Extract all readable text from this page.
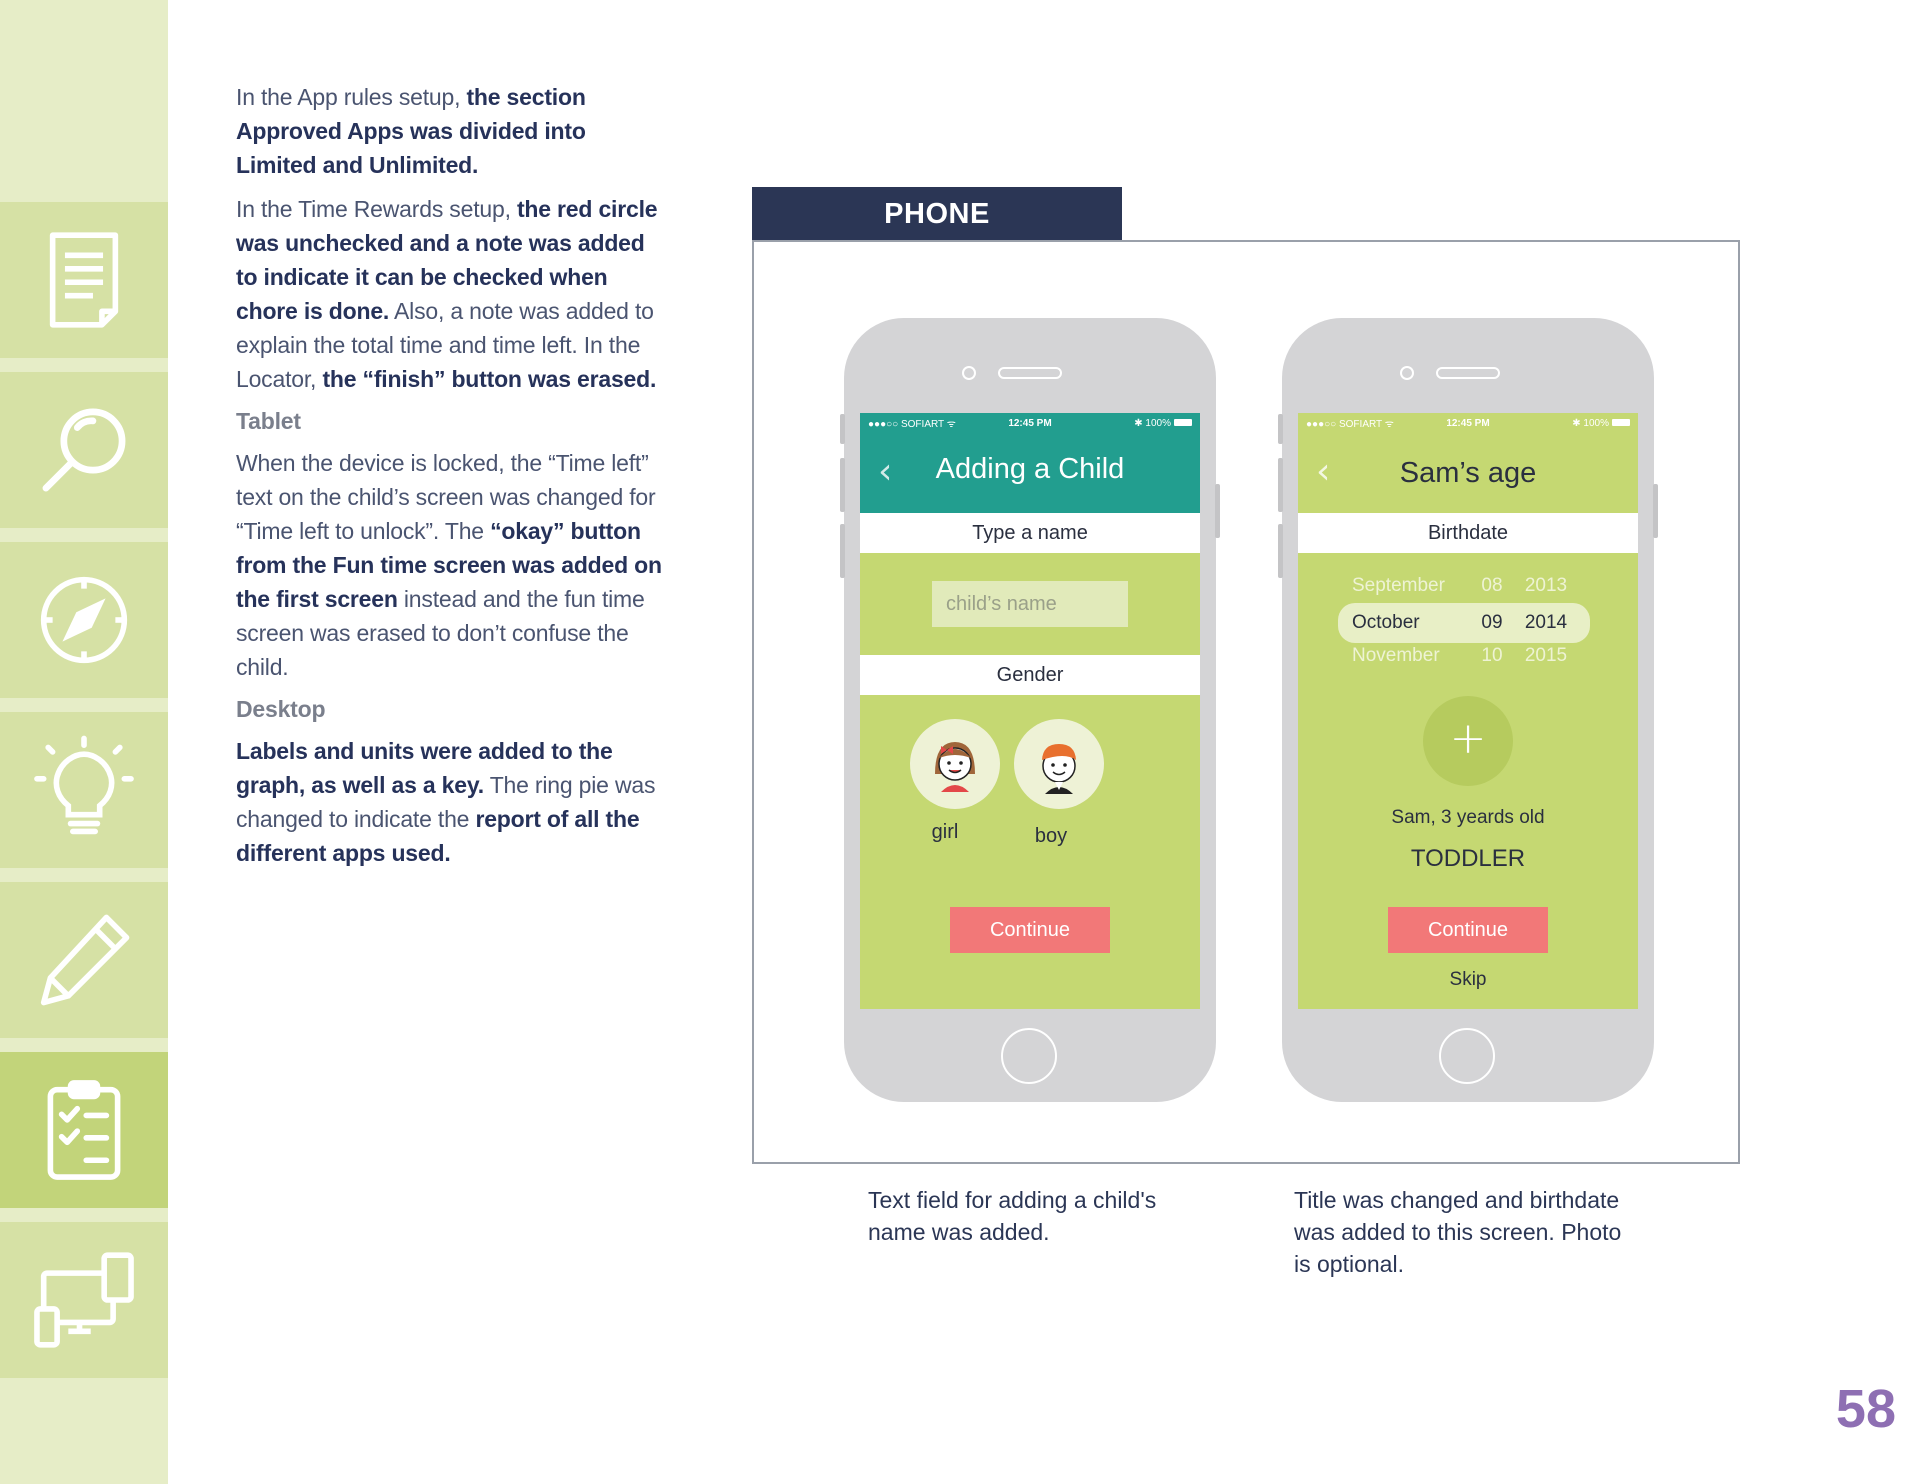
In the App rules setup, the section Approved Apps was divided into Limited and Unlimited.

In the Time Rewards setup, the red circle was unchecked and a note was added to indicate it can be checked when chore is done. Also, a note was added to explain the total time and time left. In the Locator, the “finish” button was erased.

Tablet

When the device is locked, the “Time left” text on the child’s screen was changed for “Time left to unlock”. The “okay” button from the Fun time screen was added on the first screen instead and the fun time screen was erased to don’t confuse the child.

Desktop

Labels and units were added to the graph, as well as a key. The ring pie was changed to indicate the report of all the different apps used.

PHONE
●●●○○ SOFIART ᯤ	12:45 PM	✱ 100%
‹	Adding a Child
Type a name
child’s name
Gender
girl	boy
Continue
●●●○○ SOFIART ᯤ	12:45 PM	✱ 100%
‹	Sam’s age
Birthdate
September	08	2013
October	09	2014
November	10	2015
+
Sam, 3 yeards old
TODDLER
Continue
Skip
Text field for adding a child's name was added.
Title was changed and birthdate was added to this screen. Photo is optional.
58
